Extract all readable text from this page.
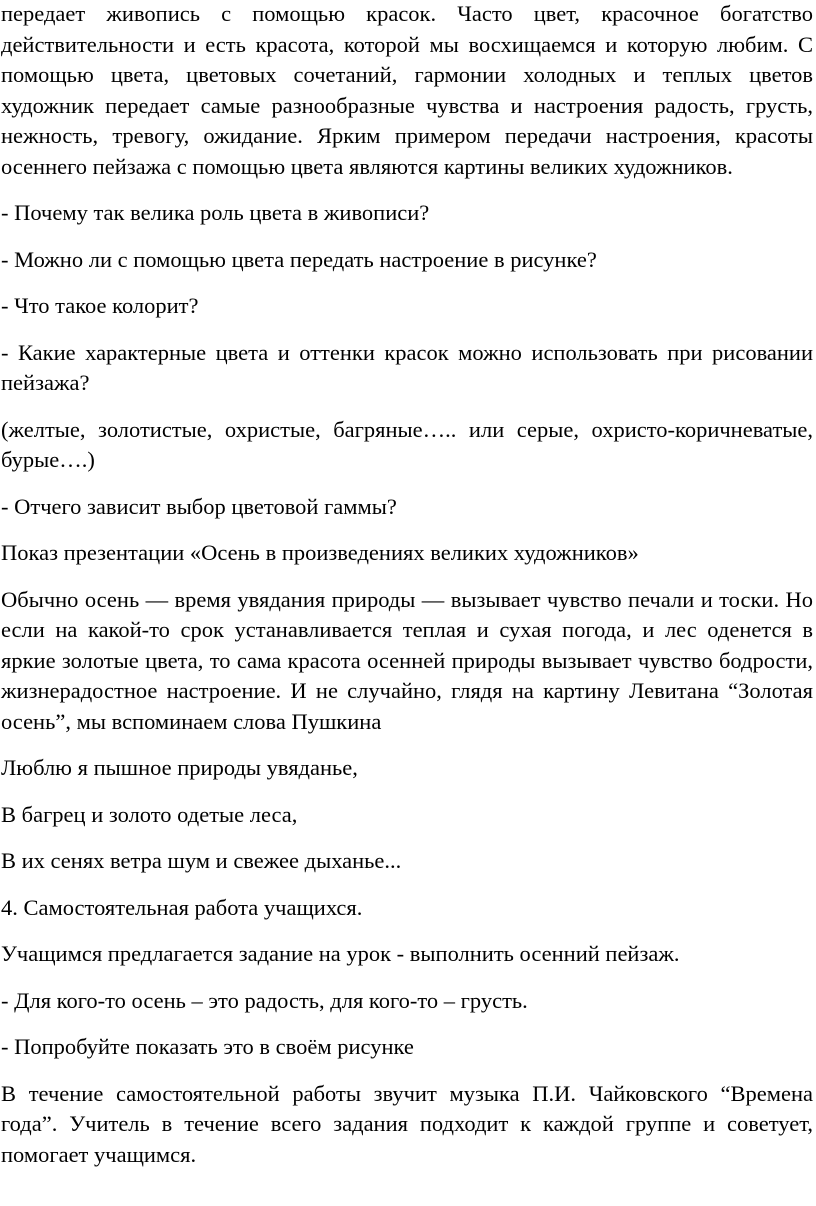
передает живопись с помощью красок. Часто цвет, красочное богатство действительности и есть красота, которой мы восхищаемся и которую любим. С помощью цвета, цветовых сочетаний, гармонии холодных и теплых цветов художник передает самые разнообразные чувства и настроения радость, грусть, нежность, тревогу, ожидание. Ярким примером передачи настроения, красоты осеннего пейзажа с помощью цвета являются картины великих художников.

- Почему так велика роль цвета в живописи?

- Можно ли с помощью цвета передать настроение в рисунке?

- Что такое колорит?

- Какие характерные цвета и оттенки красок можно использовать при рисовании пейзажа?

(желтые, золотистые, охристые, багряные….. или серые, охристо-коричневатые, бурые….)

- Отчего зависит выбор цветовой гаммы?

Показ презентации «Осень в произведениях великих художников»

Обычно осень — время увядания природы — вызывает чувство печали и тоски. Но если на какой-то срок устанавливается теплая и сухая погода, и лес оденется в яркие золотые цвета, то сама красота осенней природы вызывает чувство бодрости, жизнерадостное настроение. И не случайно, глядя на картину Левитана “Золотая осень”, мы вспоминаем слова Пушкина

Люблю я пышное природы увяданье,

В багрец и золото одетые леса,

В их сенях ветра шум и свежее дыханье...

4. Самостоятельная работа учащихся.

Учащимся предлагается задание на урок - выполнить осенний пейзаж.

- Для кого-то осень – это радость, для кого-то – грусть.

- Попробуйте показать это в своём рисунке

В течение самостоятельной работы звучит музыка П.И. Чайковского “Времена года”. Учитель в течение всего задания подходит к каждой группе и советует, помогает учащимся.
